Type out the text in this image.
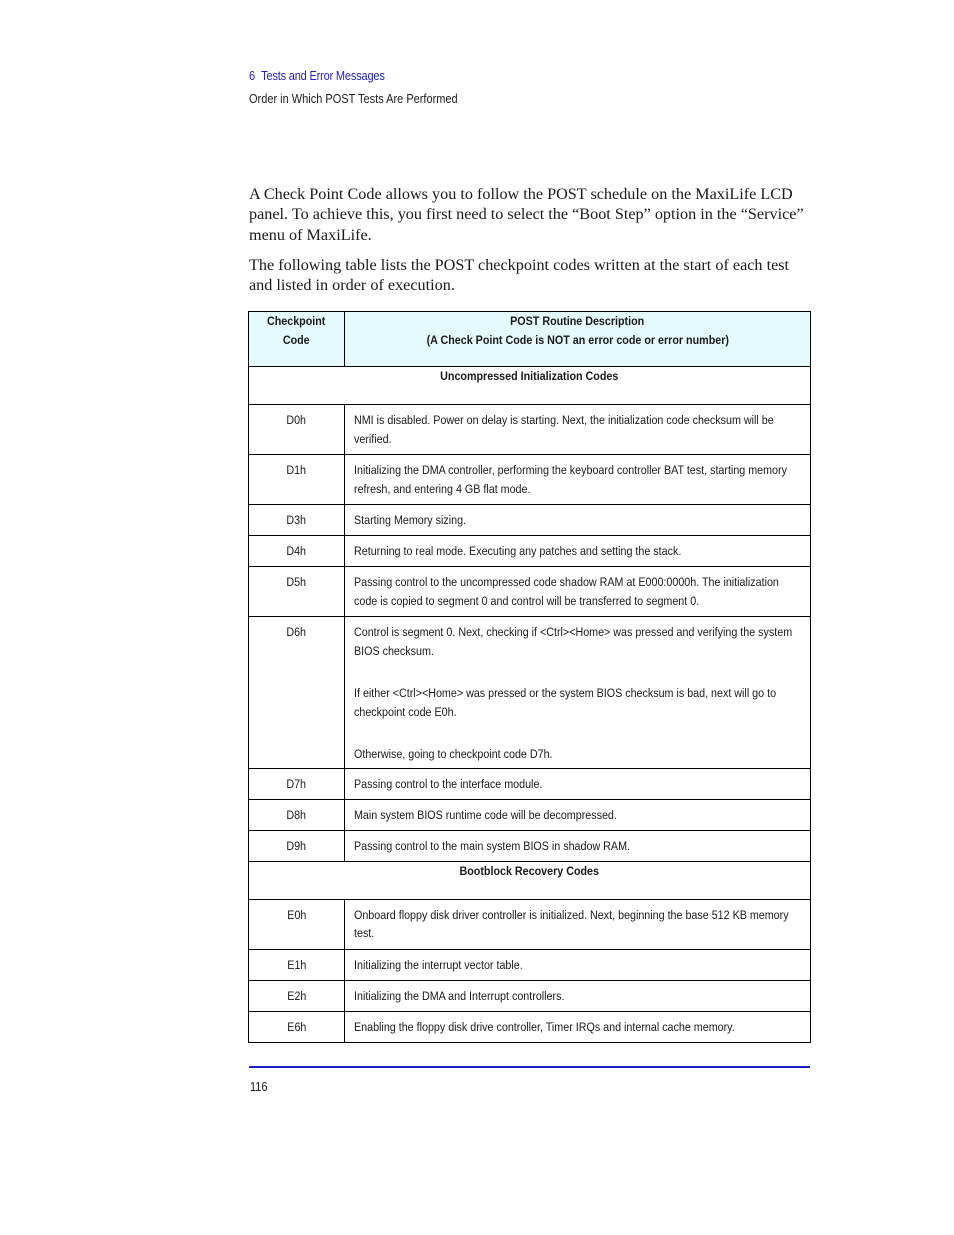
6 Tests and Error Messages
Order in Which POST Tests Are Performed
A Check Point Code allows you to follow the POST schedule on the MaxiLife LCD panel. To achieve this, you first need to select the “Boot Step” option in the “Service” menu of MaxiLife.
The following table lists the POST checkpoint codes written at the start of each test and listed in order of execution.
Checkpoint
Code	POST Routine Description
(A Check Point Code is NOT an error code or error number)
Uncompressed Initialization Codes	
D0h	NMI is disabled. Power on delay is starting. Next, the initialization code checksum will be verified.
D1h	Initializing the DMA controller, performing the keyboard controller BAT test, starting memory refresh, and entering 4 GB flat mode.
D3h	Starting Memory sizing.
D4h	Returning to real mode. Executing any patches and setting the stack.
D5h	Passing control to the uncompressed code shadow RAM at E000:0000h. The initialization code is copied to segment 0 and control will be transferred to segment 0.
D6h	Control is segment 0. Next, checking if <Ctrl><Home> was pressed and verifying the system BIOS checksum.

If either <Ctrl><Home> was pressed or the system BIOS checksum is bad, next will go to checkpoint code E0h.

Otherwise, going to checkpoint code D7h.

D7h	Passing control to the interface module.
D8h	Main system BIOS runtime code will be decompressed.
D9h	Passing control to the main system BIOS in shadow RAM.
Bootblock Recovery Codes	
E0h	Onboard floppy disk driver controller is initialized. Next, beginning the base 512 KB memory test.
E1h	Initializing the interrupt vector table.
E2h	Initializing the DMA and Interrupt controllers.
E6h	Enabling the floppy disk drive controller, Timer IRQs and internal cache memory.
116
